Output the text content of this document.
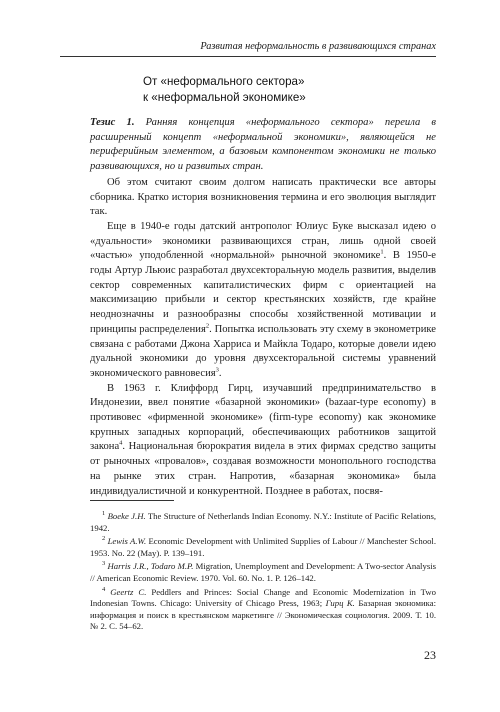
Развитая неформальность в развивающихся странах
От «неформального сектора»
к «неформальной экономике»

Тезис 1. Ранняя концепция «неформального сектора» переила в расширенный концепт «неформальной экономики», являющейся не периферийным элементом, а базовым компонентом экономики не только развивающихся, но и развитых стран.

Об этом считают своим долгом написать практически все авторы сборника. Кратко история возникновения термина и его эволюция выглядит так.

Еще в 1940-е годы датский антрополог Юлиус Буке высказал идею о «дуальности» экономики развивающихся стран, лишь одной своей «частью» уподобленной «нормальной» рыночной экономике$^1$. В 1950-е годы Артур Льюис разработал двухсекторальную модель развития, выделив сектор современных капиталистических фирм с ориентацией на максимизацию прибыли и сектор крестьянских хозяйств, где крайне неоднозначны и разнообразны способы хозяйственной мотивации и принципы распределения$^2$. Попытка использовать эту схему в эконометрике связана с работами Джона Харриса и Майкла Тодаро, которые довели идею дуальной экономики до уровня двухсекторальной системы уравнений экономического равновесия$^3$.

В 1963 г. Клиффорд Гирц, изучавший предпринимательство в Индонезии, ввел понятие «базарной экономики» (bazaar-type economy) в противовес «фирменной экономике» (firm-type economy) как экономике крупных западных корпораций, обеспечивающих работников защитой закона$^4$. Национальная бюрократия видела в этих фирмах средство защиты от рыночных «провалов», создавая возможности монопольного господства на рынке этих стран. Напротив, «базарная экономика» была индивидуалистичной и конкурентной. Позднее в работах, посвя-

$^1$ Boeke J.H. The Structure of Netherlands Indian Economy. N.Y.: Institute of Pacific Relations, 1942.

$^2$ Lewis A.W. Economic Development with Unlimited Supplies of Labour // Manchester School. 1953. No. 22 (May). P. 139–191.

$^3$ Harris J.R., Todaro M.P. Migration, Unemployment and Development: A Two-sector Analysis // American Economic Review. 1970. Vol. 60. No. 1. P. 126–142.

$^4$ Geertz C. Peddlers and Princes: Social Change and Economic Modernization in Two Indonesian Towns. Chicago: University of Chicago Press, 1963; Гирц К. Базарная экономика: информация и поиск в крестьянском маркетинге // Экономическая социология. 2009. Т. 10. № 2. С. 54–62.

23
